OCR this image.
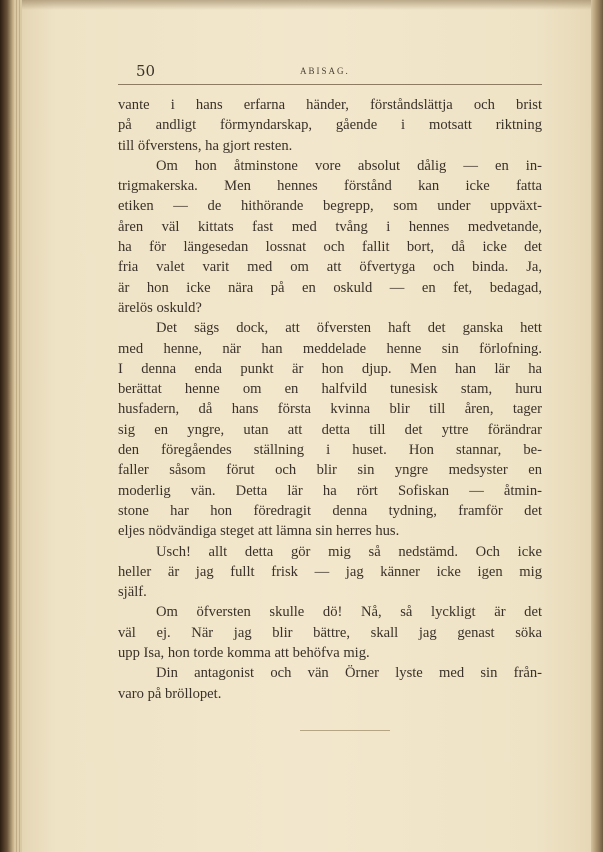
50	ABISAG.
vante i hans erfarna händer, förståndslättja och brist
på andligt förmyndarskap, gående i motsatt riktning
till öfverstens, ha gjort resten.
Om hon åtminstone vore absolut dålig — en in-
trigmakerska. Men hennes förstånd kan icke fatta
etiken — de hithörande begrepp, som under uppväxt-
åren väl kittats fast med tvång i hennes medvetande,
ha för längesedan lossnat och fallit bort, då icke det
fria valet varit med om att öfvertyga och binda. Ja,
är hon icke nära på en oskuld — en fet, bedagad,
ärelös oskuld?
Det sägs dock, att öfversten haft det ganska hett
med henne, när han meddelade henne sin förlofning.
I denna enda punkt är hon djup. Men han lär ha
berättat henne om en halfvild tunesisk stam, huru
husfadern, då hans första kvinna blir till åren, tager
sig en yngre, utan att detta till det yttre förändrar
den föregåendes ställning i huset. Hon stannar, be-
faller såsom förut och blir sin yngre medsyster en
moderlig vän. Detta lär ha rört Sofiskan — åtmin-
stone har hon föredragit denna tydning, framför det
eljes nödvändiga steget att lämna sin herres hus.
Usch! allt detta gör mig så nedstämd. Och icke
heller är jag fullt frisk — jag känner icke igen mig
själf.
Om öfversten skulle dö! Nå, så lyckligt är det
väl ej. När jag blir bättre, skall jag genast söka
upp Isa, hon torde komma att behöfva mig.
Din antagonist och vän Örner lyste med sin från-
varo på bröllopet.
